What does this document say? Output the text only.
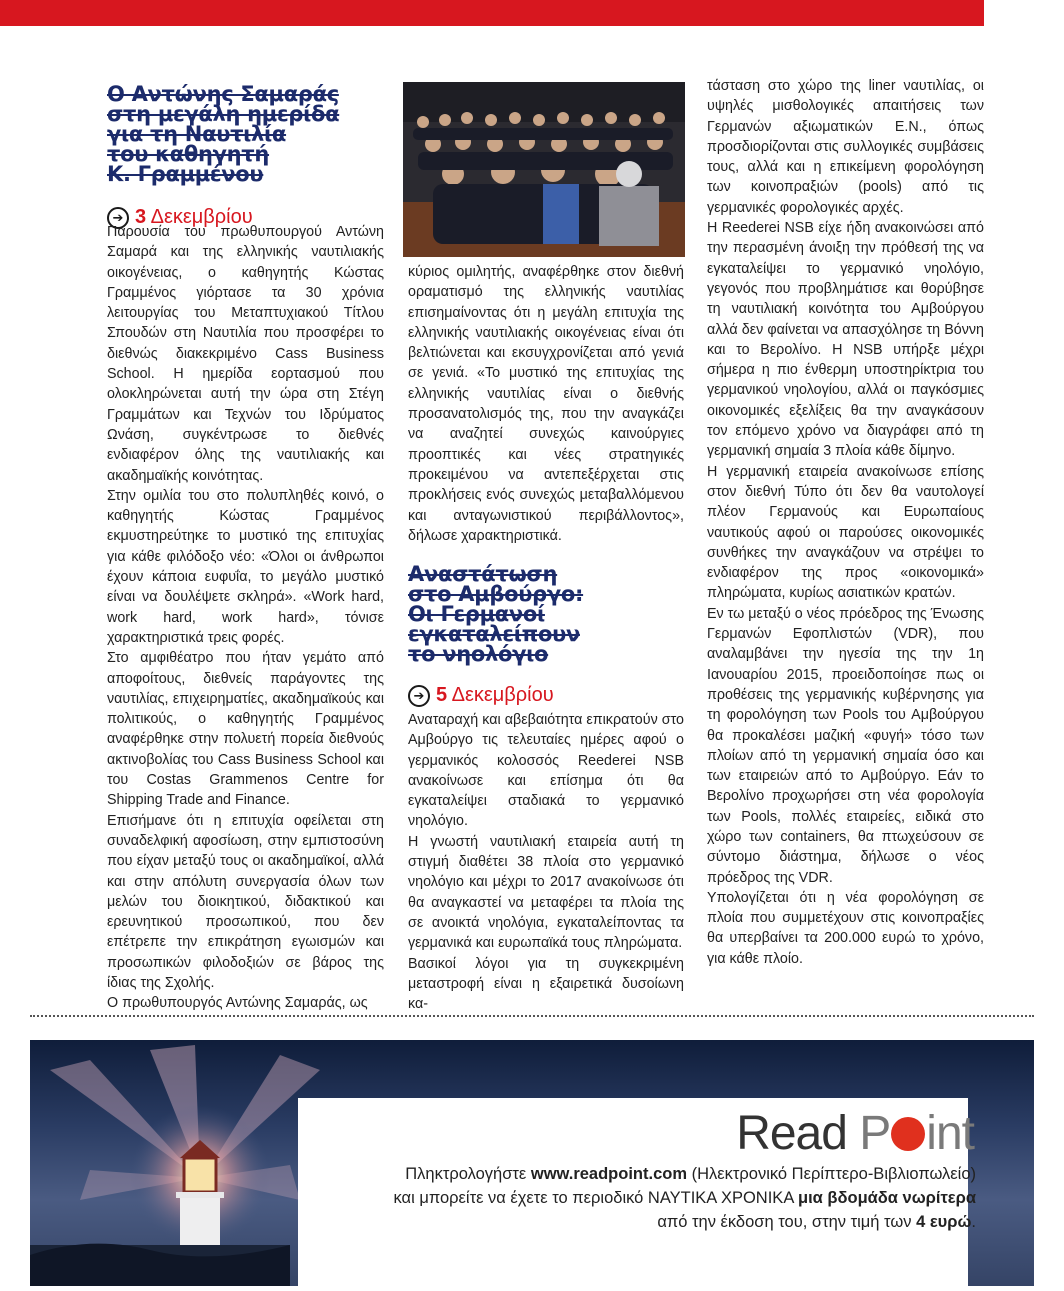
Ο Αντώνης Σαμαράς
στη μεγάλη ημερίδα
για τη Ναυτιλία
του καθηγητή
Κ. Γραμμένου
➔ 3 Δεκεμβρίου

Παρουσία του πρωθυπουργού Αντώνη Σαμαρά και της ελληνικής ναυτιλιακής οικογένειας, ο καθηγητής Κώστας Γραμμένος γιόρτασε τα 30 χρόνια λειτουργίας του Μεταπτυχιακού Τίτλου Σπουδών στη Ναυτιλία που προσφέρει το διεθνώς διακεκριμένο Cass Business School. Η ημερίδα εορτασμού που ολοκληρώνεται αυτή την ώρα στη Στέγη Γραμμάτων και Τεχνών του Ιδρύματος Ωνάση, συγκέντρωσε το διεθνές ενδιαφέρον όλης της ναυτιλιακής και ακαδημαϊκής κοινότητας.

Στην ομιλία του στο πολυπληθές κοινό, ο καθηγητής Κώστας Γραμμένος εκμυστηρεύτηκε το μυστικό της επιτυχίας για κάθε φιλόδοξο νέο: «Όλοι οι άνθρωποι έχουν κάποια ευφυΐα, το μεγάλο μυστικό είναι να δουλέψετε σκληρά». «Work hard, work hard, work hard», τόνισε χαρακτηριστικά τρεις φορές.

Στο αμφιθέατρο που ήταν γεμάτο από αποφοίτους, διεθνείς παράγοντες της ναυτιλίας, επιχειρηματίες, ακαδημαϊκούς και πολιτικούς, ο καθηγητής Γραμμένος αναφέρθηκε στην πολυετή πορεία διεθνούς ακτινοβολίας του Cass Business School και του Costas Grammenos Centre for Shipping Trade and Finance.

Επισήμανε ότι η επιτυχία οφείλεται στη συναδελφική αφοσίωση, στην εμπιστοσύνη που είχαν μεταξύ τους οι ακαδημαϊκοί, αλλά και στην απόλυτη συνεργασία όλων των μελών του διοικητικού, διδακτικού και ερευνητικού προσωπικού, που δεν επέτρεπε την επικράτηση εγωισμών και προσωπικών φιλοδοξιών σε βάρος της ίδιας της Σχολής.

Ο πρωθυπουργός Αντώνης Σαμαράς, ως

κύριος ομιλητής, αναφέρθηκε στον διεθνή οραματισμό της ελληνικής ναυτιλίας επισημαίνοντας ότι η μεγάλη επιτυχία της ελληνικής ναυτιλιακής οικογένειας είναι ότι βελτιώνεται και εκσυγχρονίζεται από γενιά σε γενιά. «Το μυστικό της επιτυχίας της ελληνικής ναυτιλίας είναι ο διεθνής προσανατολισμός της, που την αναγκάζει να αναζητεί συνεχώς καινούργιες προοπτικές και νέες στρατηγικές προκειμένου να αντεπεξέρχεται στις προκλήσεις ενός συνεχώς μεταβαλλόμενου και ανταγωνιστικού περιβάλλοντος», δήλωσε χαρακτηριστικά.

Αναστάτωση
στο Αμβούργο:
Οι Γερμανοί
εγκαταλείπουν
το νηολόγιο
➔ 5 Δεκεμβρίου

Αναταραχή και αβεβαιότητα επικρατούν στο Αμβούργο τις τελευταίες ημέρες αφού ο γερμανικός κολοσσός Reederei NSB ανακοίνωσε και επίσημα ότι θα εγκαταλείψει σταδιακά το γερμανικό νηολόγιο.

Η γνωστή ναυτιλιακή εταιρεία αυτή τη στιγμή διαθέτει 38 πλοία στο γερμανικό νηολόγιο και μέχρι το 2017 ανακοίνωσε ότι θα αναγκαστεί να μεταφέρει τα πλοία της σε ανοικτά νηολόγια, εγκαταλείποντας τα γερμανικά και ευρωπαϊκά τους πληρώματα.

Βασικοί λόγοι για τη συγκεκριμένη μεταστροφή είναι η εξαιρετικά δυσοίωνη κα-

τάσταση στο χώρο της liner ναυτιλίας, οι υψηλές μισθολογικές απαιτήσεις των Γερμανών αξιωματικών Ε.Ν., όπως προσδιορίζονται στις συλλογικές συμβάσεις τους, αλλά και η επικείμενη φορολόγηση των κοινοπραξιών (pools) από τις γερμανικές φορολογικές αρχές.

Η Reederei NSB είχε ήδη ανακοινώσει από την περασμένη άνοιξη την πρόθεσή της να εγκαταλείψει το γερμανικό νηολόγιο, γεγονός που προβλημάτισε και θορύβησε τη ναυτιλιακή κοινότητα του Αμβούργου αλλά δεν φαίνεται να απασχόλησε τη Βόννη και το Βερολίνο. Η NSB υπήρξε μέχρι σήμερα η πιο ένθερμη υποστηρίκτρια του γερμανικού νηολογίου, αλλά οι παγκόσμιες οικονομικές εξελίξεις θα την αναγκάσουν τον επόμενο χρόνο να διαγράφει από τη γερμανική σημαία 3 πλοία κάθε δίμηνο.

Η γερμανική εταιρεία ανακοίνωσε επίσης στον διεθνή Τύπο ότι δεν θα ναυτολογεί πλέον Γερμανούς και Ευρωπαίους ναυτικούς αφού οι παρούσες οικονομικές συνθήκες την αναγκάζουν να στρέψει το ενδιαφέρον της προς «οικονομικά» πληρώματα, κυρίως ασιατικών κρατών.

Εν τω μεταξύ ο νέος πρόεδρος της Ένωσης Γερμανών Εφοπλιστών (VDR), που αναλαμβάνει την ηγεσία της την 1η Ιανουαρίου 2015, προειδοποίησε πως οι προθέσεις της γερμανικής κυβέρνησης για τη φορολόγηση των Pools του Αμβούργου θα προκαλέσει μαζική «φυγή» τόσο των πλοίων από τη γερμανική σημαία όσο και των εταιρειών από το Αμβούργο. Εάν το Βερολίνο προχωρήσει στη νέα φορολογία των Pools, πολλές εταιρείες, ειδικά στο χώρο των containers, θα πτωχεύσουν σε σύντομο διάστημα, δήλωσε ο νέος πρόεδρος της VDR.

Υπολογίζεται ότι η νέα φορολόγηση σε πλοία που συμμετέχουν στις κοινοπραξίες θα υπερβαίνει τα 200.000 ευρώ το χρόνο, για κάθε πλοίο.

Read P int
Πληκτρολογήστε www.readpoint.com (Ηλεκτρονικό Περίπτερο-Βιβλιοπωλείο)
και μπορείτε να έχετε το περιοδικό ΝΑΥΤΙΚΑ ΧΡΟΝΙΚΑ μια βδομάδα νωρίτερα
από την έκδοση του, στην τιμή των 4 ευρώ.
